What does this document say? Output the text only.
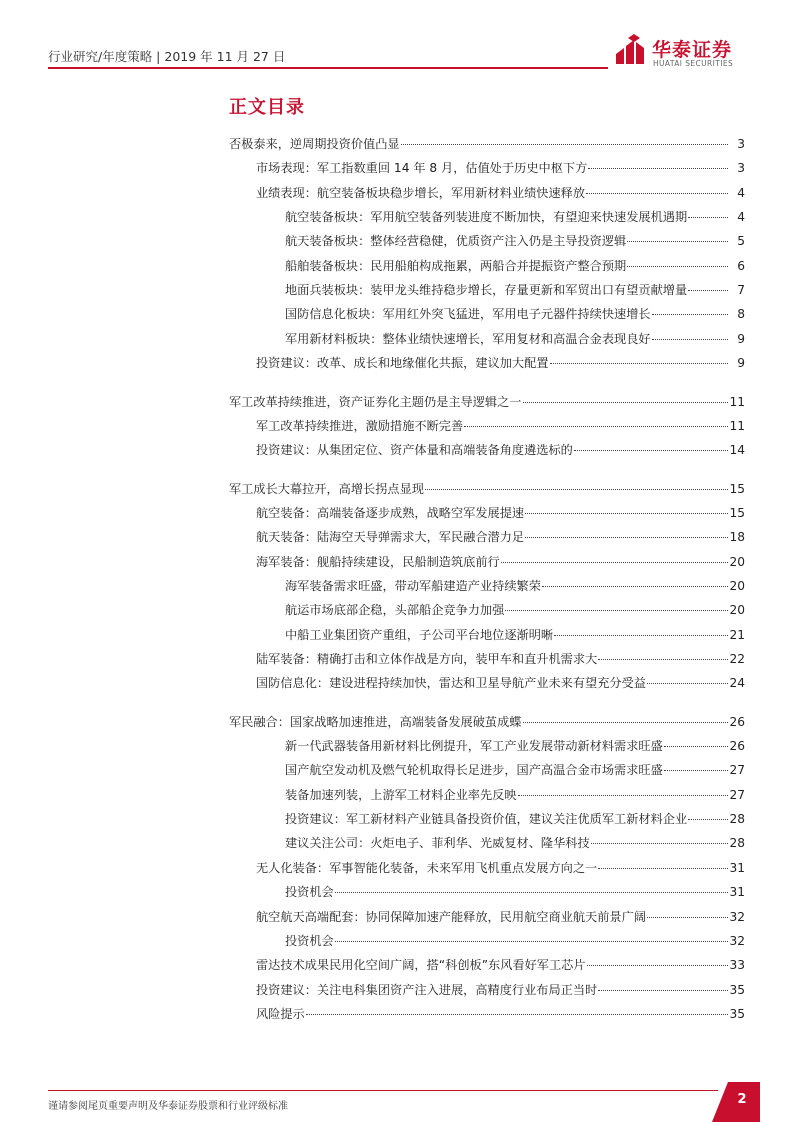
行业研究/年度策略 | 2019 年 11 月 27 日	华泰证券
HUATAI SECURITIES
正文目录
否极泰来，逆周期投资价值凸显	3
市场表现：军工指数重回 14 年 8 月，估值处于历史中枢下方	3
业绩表现：航空装备板块稳步增长，军用新材料业绩快速释放	4
航空装备板块：军用航空装备列装进度不断加快，有望迎来快速发展机遇期	4
航天装备板块：整体经营稳健，优质资产注入仍是主导投资逻辑	5
船舶装备板块：民用船舶构成拖累，两船合并提振资产整合预期	6
地面兵装板块：装甲龙头维持稳步增长，存量更新和军贸出口有望贡献增量	7
国防信息化板块：军用红外突飞猛进，军用电子元器件持续快速增长	8
军用新材料板块：整体业绩快速增长，军用复材和高温合金表现良好	9
投资建议：改革、成长和地缘催化共振，建议加大配置	9
军工改革持续推进，资产证券化主题仍是主导逻辑之一	11
军工改革持续推进，激励措施不断完善	11
投资建议：从集团定位、资产体量和高端装备角度遴选标的	14
军工成长大幕拉开，高增长拐点显现	15
航空装备：高端装备逐步成熟，战略空军发展提速	15
航天装备：陆海空天导弹需求大，军民融合潜力足	18
海军装备：舰船持续建设，民船制造筑底前行	20
海军装备需求旺盛，带动军船建造产业持续繁荣	20
航运市场底部企稳，头部船企竞争力加强	20
中船工业集团资产重组，子公司平台地位逐渐明晰	21
陆军装备：精确打击和立体作战是方向，装甲车和直升机需求大	22
国防信息化：建设进程持续加快，雷达和卫星导航产业未来有望充分受益	24
军民融合：国家战略加速推进，高端装备发展破茧成蝶	26
新一代武器装备用新材料比例提升，军工产业发展带动新材料需求旺盛	26
国产航空发动机及燃气轮机取得长足进步，国产高温合金市场需求旺盛	27
装备加速列装，上游军工材料企业率先反映	27
投资建议：军工新材料产业链具备投资价值，建议关注优质军工新材料企业	28
建议关注公司：火炬电子、菲利华、光威复材、隆华科技	28
无人化装备：军事智能化装备，未来军用飞机重点发展方向之一	31
投资机会	31
航空航天高端配套：协同保障加速产能释放，民用航空商业航天前景广阔	32
投资机会	32
雷达技术成果民用化空间广阔，搭“科创板”东风看好军工芯片	33
投资建议：关注电科集团资产注入进展，高精度行业布局正当时	35
风险提示	35
谨请参阅尾页重要声明及华泰证券股票和行业评级标准	2
